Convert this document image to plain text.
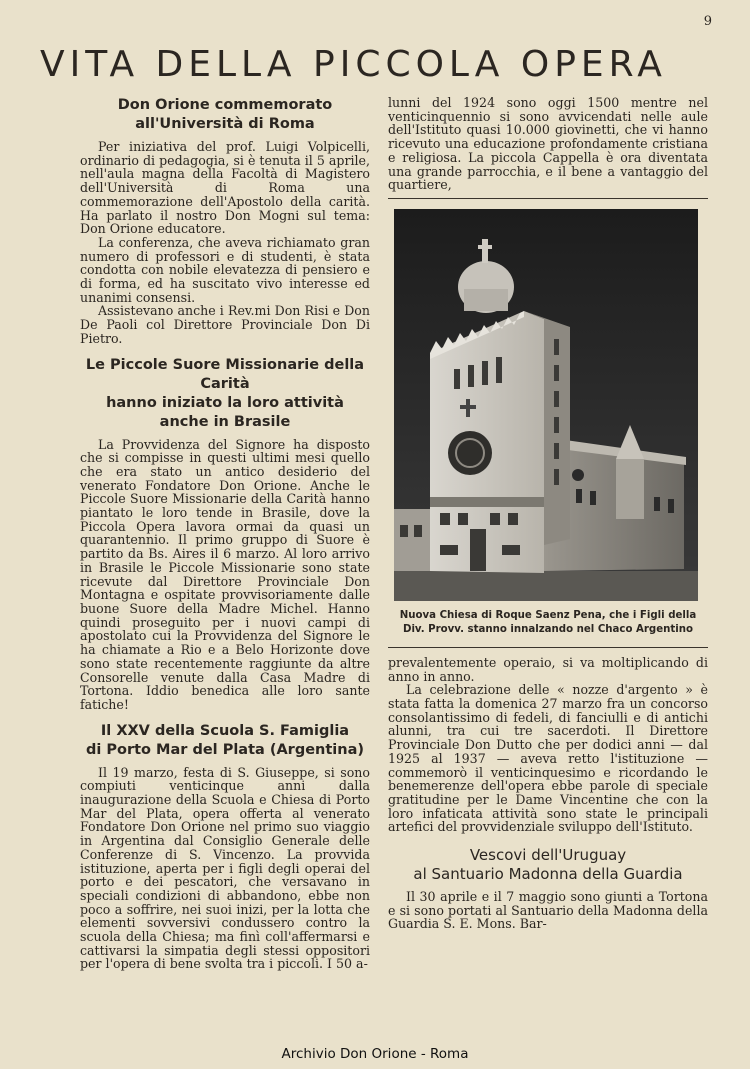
9
VITA DELLA PICCOLA OPERA
Don Orione commemorato
all'Università di Roma

Per iniziativa del prof. Luigi Volpicelli, ordinario di pedagogia, si è tenuta il 5 aprile, nell'aula magna della Facoltà di Magistero dell'Università di Roma una commemorazione dell'Apostolo della carità. Ha parlato il nostro Don Mogni sul tema: Don Orione educatore.

La conferenza, che aveva richiamato gran numero di professori e di studenti, è stata condotta con nobile elevatezza di pensiero e di forma, ed ha suscitato vivo interesse ed unanimi consensi.

Assistevano anche i Rev.mi Don Risi e Don De Paoli col Direttore Provinciale Don Di Pietro.

Le Piccole Suore Missionarie della Carità
hanno iniziato la loro attività
anche in Brasile

La Provvidenza del Signore ha disposto che si compisse in questi ultimi mesi quello che era stato un antico desiderio del venerato Fondatore Don Orione. Anche le Piccole Suore Missionarie della Carità hanno piantato le loro tende in Brasile, dove la Piccola Opera lavora ormai da quasi un quarantennio. Il primo gruppo di Suore è partito da Bs. Aires il 6 marzo. Al loro arrivo in Brasile le Piccole Missionarie sono state ricevute dal Direttore Provinciale Don Montagna e ospitate provvisoriamente dalle buone Suore della Madre Michel. Hanno quindi proseguito per i nuovi campi di apostolato cui la Provvidenza del Signore le ha chiamate a Rio e a Belo Horizonte dove sono state recentemente raggiunte da altre Consorelle venute dalla Casa Madre di Tortona. Iddio benedica alle loro sante fatiche!

Il XXV della Scuola S. Famiglia
di Porto Mar del Plata (Argentina)

Il 19 marzo, festa di S. Giuseppe, si sono compiuti venticinque anni dalla inaugurazione della Scuola e Chiesa di Porto Mar del Plata, opera offerta al venerato Fondatore Don Orione nel primo suo viaggio in Argentina dal Consiglio Generale delle Conferenze di S. Vincenzo. La provvida istituzione, aperta per i figli degli operai del porto e dei pescatori, che versavano in speciali condizioni di abbandono, ebbe non poco a soffrire, nei suoi inizi, per la lotta che elementi sovversivi condussero contro la scuola della Chiesa; ma finì coll'affermarsi e cattivarsi la simpatia degli stessi oppositori per l'opera di bene svolta tra i piccoli. I 50 a-

lunni del 1924 sono oggi 1500 mentre nel venticinquennio si sono avvicendati nelle aule dell'Istituto quasi 10.000 giovinetti, che vi hanno ricevuto una educazione profondamente cristiana e religiosa. La piccola Cappella è ora diventata una grande parrocchia, e il bene a vantaggio del quartiere,

Nuova Chiesa di Roque Saenz Pena, che i Figli della
Div. Provv. stanno innalzando nel Chaco Argentino

prevalentemente operaio, si va moltiplicando di anno in anno.

La celebrazione delle « nozze d'argento » è stata fatta la domenica 27 marzo fra un concorso consolantissimo di fedeli, di fanciulli e di antichi alunni, tra cui tre sacerdoti. Il Direttore Provinciale Don Dutto che per dodici anni — dal 1925 al 1937 — aveva retto l'istituzione — commemorò il venticinquesimo e ricordando le benemerenze dell'opera ebbe parole di speciale gratitudine per le Dame Vincentine che con la loro infaticata attività sono state le principali artefici del provvidenziale sviluppo dell'Istituto.

Vescovi dell'Uruguay
al Santuario Madonna della Guardia

Il 30 aprile e il 7 maggio sono giunti a Tortona e si sono portati al Santuario della Madonna della Guardia S. E. Mons. Bar-

Archivio Don Orione - Roma
